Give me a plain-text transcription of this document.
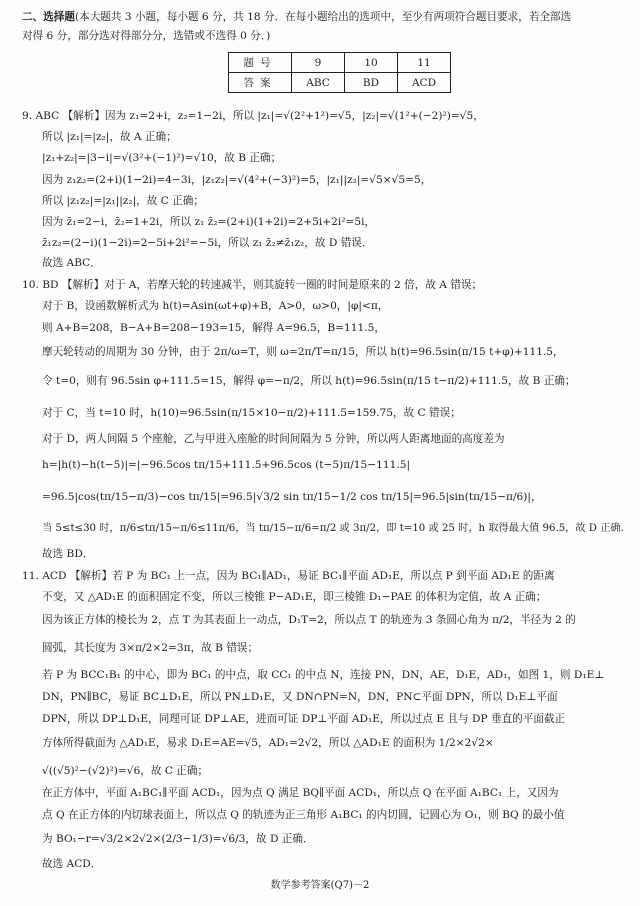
二、选择题(本大题共 3 小题，每小题 6 分，共 18 分．在每小题给出的选项中，至少有两项符合题目要求，若全部选
对得 6 分，部分选对得部分分，选错或不选得 0 分．)
题号	9	10	11
答案	ABC	BD	ACD
9. ABC 【解析】因为 z₁=2+i，z₂=1−2i，所以 |z₁|=√(2²+1²)=√5，|z₂|=√(1²+(−2)²)=√5，
所以 |z₁|=|z₂|，故 A 正确；
|z₁+z₂|=|3−i|=√(3²+(−1)²)=√10，故 B 正确；
因为 z₁z₂=(2+i)(1−2i)=4−3i，|z₁z₂|=√(4²+(−3)²)=5，|z₁||z₂|=√5×√5=5，
所以 |z₁z₂|=|z₁||z₂|，故 C 正确；
因为 z̄₁=2−i，z̄₂=1+2i，所以 z₁ z̄₂=(2+i)(1+2i)=2+5i+2i²=5i，
z̄₁z₂=(2−i)(1−2i)=2−5i+2i²=−5i，所以 z₁ z̄₂≠z̄₁z₂，故 D 错误．
故选 ABC．
10. BD 【解析】对于 A，若摩天轮的转速减半，则其旋转一圈的时间是原来的 2 倍，故 A 错误；
对于 B，设函数解析式为 h(t)=Asin(ωt+φ)+B，A>0，ω>0，|φ|<π，
则 A+B=208，B−A+B=208−193=15，解得 A=96.5，B=111.5，
摩天轮转动的周期为 30 分钟，由于 2π/ω=T，则 ω=2π/T=π/15，所以 h(t)=96.5sin(π/15 t+φ)+111.5，
令 t=0，则有 96.5sin φ+111.5=15，解得 φ=−π/2，所以 h(t)=96.5sin(π/15 t−π/2)+111.5，故 B 正确；
对于 C，当 t=10 时，h(10)=96.5sin(π/15×10−π/2)+111.5=159.75，故 C 错误；
对于 D，两人间隔 5 个座舱，乙与甲进入座舱的时间间隔为 5 分钟，所以两人距离地面的高度差为
h=|h(t)−h(t−5)|=|−96.5cos tπ/15+111.5+96.5cos (t−5)π/15−111.5|
=96.5|cos(tπ/15−π/3)−cos tπ/15|=96.5|√3/2 sin tπ/15−1/2 cos tπ/15|=96.5|sin(tπ/15−π/6)|，
当 5≤t≤30 时，π/6≤tπ/15−π/6≤11π/6，当 tπ/15−π/6=π/2 或 3π/2，即 t=10 或 25 时，h 取得最大值 96.5，故 D 正确．
故选 BD．
11. ACD 【解析】若 P 为 BC₁ 上一点，因为 BC₁∥AD₁，易证 BC₁∥平面 AD₁E，所以点 P 到平面 AD₁E 的距离
不变，又 △AD₁E 的面积固定不变，所以三棱锥 P−AD₁E，即三棱锥 D₁−PAE 的体积为定值，故 A 正确；
因为该正方体的棱长为 2，点 T 为其表面上一动点，D₁T=2，所以点 T 的轨迹为 3 条圆心角为 π/2，半径为 2 的
圆弧，其长度为 3×π/2×2=3π，故 B 错误；
若 P 为 BCC₁B₁ 的中心，即为 BC₁ 的中点，取 CC₁ 的中点 N，连接 PN，DN，AE，D₁E，AD₁，如图 1，则 D₁E⊥
DN，PN∥BC，易证 BC⊥D₁E，所以 PN⊥D₁E，又 DN∩PN=N，DN，PN⊂平面 DPN，所以 D₁E⊥平面
DPN，所以 DP⊥D₁E，同理可证 DP⊥AE，进而可证 DP⊥平面 AD₁E，所以过点 E 且与 DP 垂直的平面截正
方体所得截面为 △AD₁E，易求 D₁E=AE=√5，AD₁=2√2，所以 △AD₁E 的面积为 1/2×2√2×
√((√5)²−(√2)²)=√6，故 C 正确；
在正方体中，平面 A₁BC₁∥平面 ACD₁，因为点 Q 满足 BQ∥平面 ACD₁，所以点 Q 在平面 A₁BC₁ 上，又因为
点 Q 在正方体的内切球表面上，所以点 Q 的轨迹为正三角形 A₁BC₁ 的内切圆，记圆心为 O₁，则 BQ 的最小值
为 BO₁−r=√3/2×2√2×(2/3−1/3)=√6/3，故 D 正确．
故选 ACD．
数学参考答案(Q7)－2
